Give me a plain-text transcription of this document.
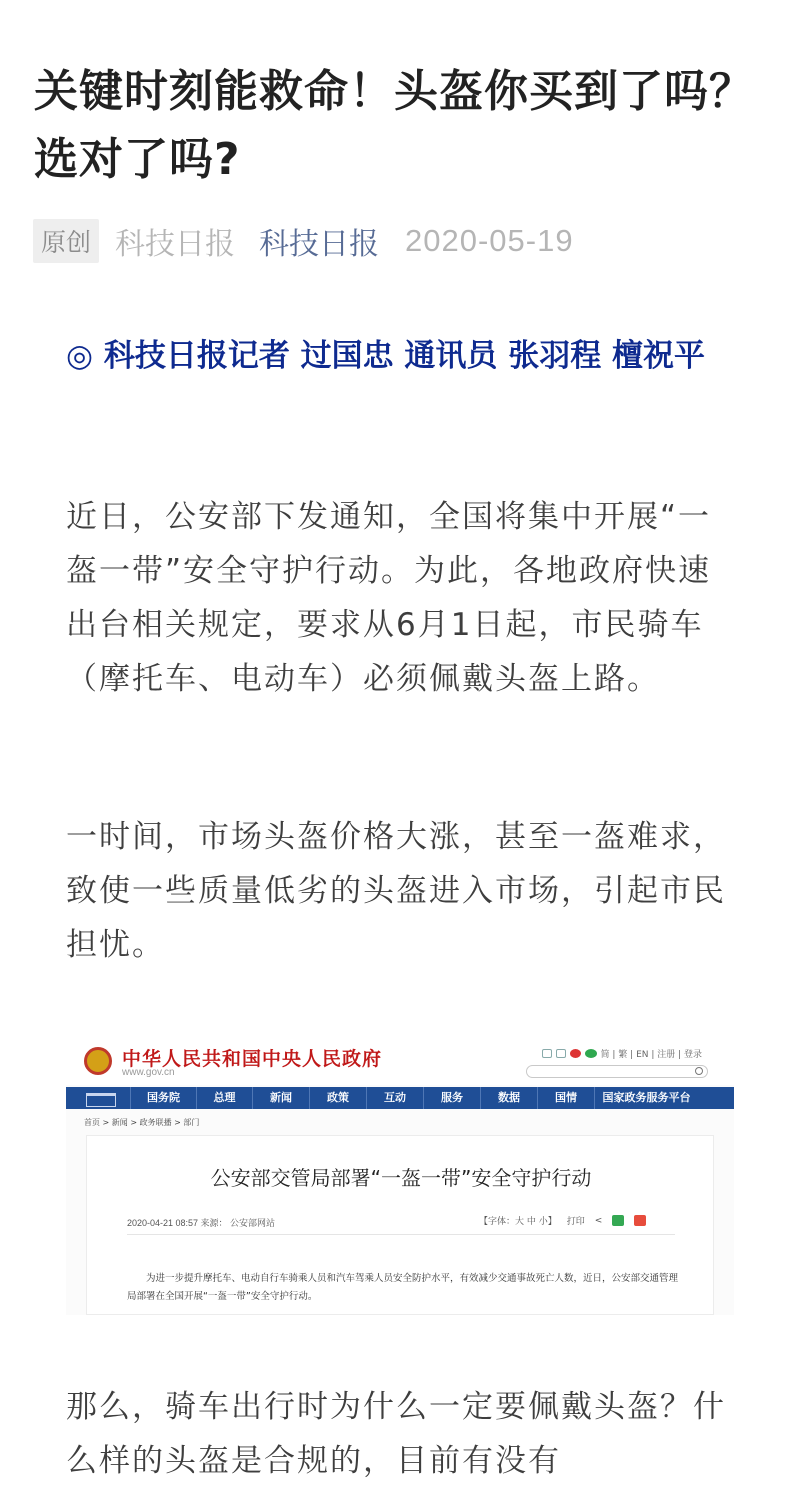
关键时刻能救命！头盔你买到了吗？选对了吗?
原创 科技日报 科技日报 2020-05-19

◎ 科技日报记者 过国忠 通讯员 张羽程 檀祝平

近日，公安部下发通知，全国将集中开展“一盔一带”安全守护行动。为此，各地政府快速出台相关规定，要求从6月1日起，市民骑车（摩托车、电动车）必须佩戴头盔上路。

一时间，市场头盔价格大涨，甚至一盔难求，致使一些质量低劣的头盔进入市场，引起市民担忧。

中华人民共和国中央人民政府
www.gov.cn
简 | 繁 | EN | 注册 | 登录
国务院	总理	新闻	政策	互动	服务	数据	国情	国家政务服务平台
首页 > 新闻 > 政务联播 > 部门
公安部交管局部署“一盔一带”安全守护行动
2020-04-21 08:57 来源： 公安部网站	【字体：大 中 小】 打印 <
为进一步提升摩托车、电动自行车骑乘人员和汽车驾乘人员安全防护水平，有效减少交通事故死亡人数，近日，公安部交通管理局部署在全国开展“一盔一带”安全守护行动。

那么，骑车出行时为什么一定要佩戴头盔？什么样的头盔是合规的，目前有没有
